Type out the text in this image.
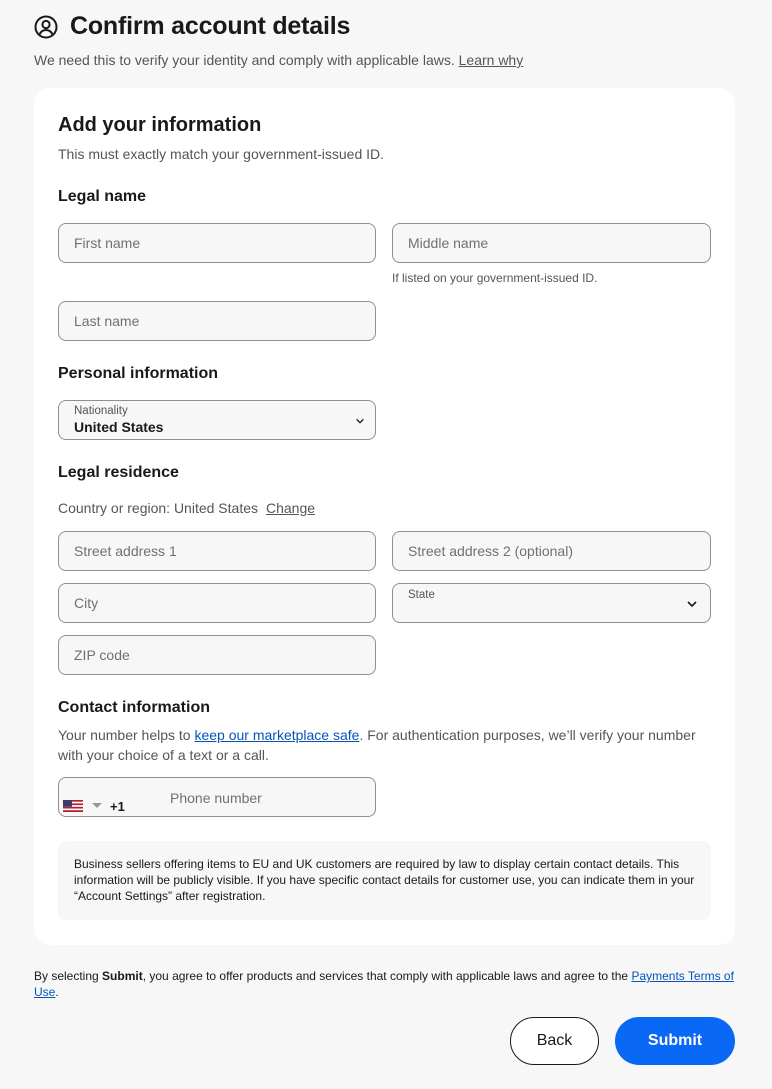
Confirm account details

We need this to verify your identity and comply with applicable laws. Learn why

Add your information

This must exactly match your government-issued ID.

Legal name
First name	Middle name

If listed on your government-issued ID.

Last name
Personal information
Nationality
United States
Legal residence

Country or region: United States Change

Street address 1	Street address 2 (optional)
City	State
ZIP code
Contact information

Your number helps to keep our marketplace safe. For authentication purposes, we’ll verify your number with your choice of a text or a call.

+1
Phone number
Business sellers offering items to EU and UK customers are required by law to display certain contact details. This information will be publicly visible. If you have specific contact details for customer use, you can indicate them in your “Account Settings” after registration.

By selecting Submit, you agree to offer products and services that comply with applicable laws and agree to the Payments Terms of Use.

Back	Submit
